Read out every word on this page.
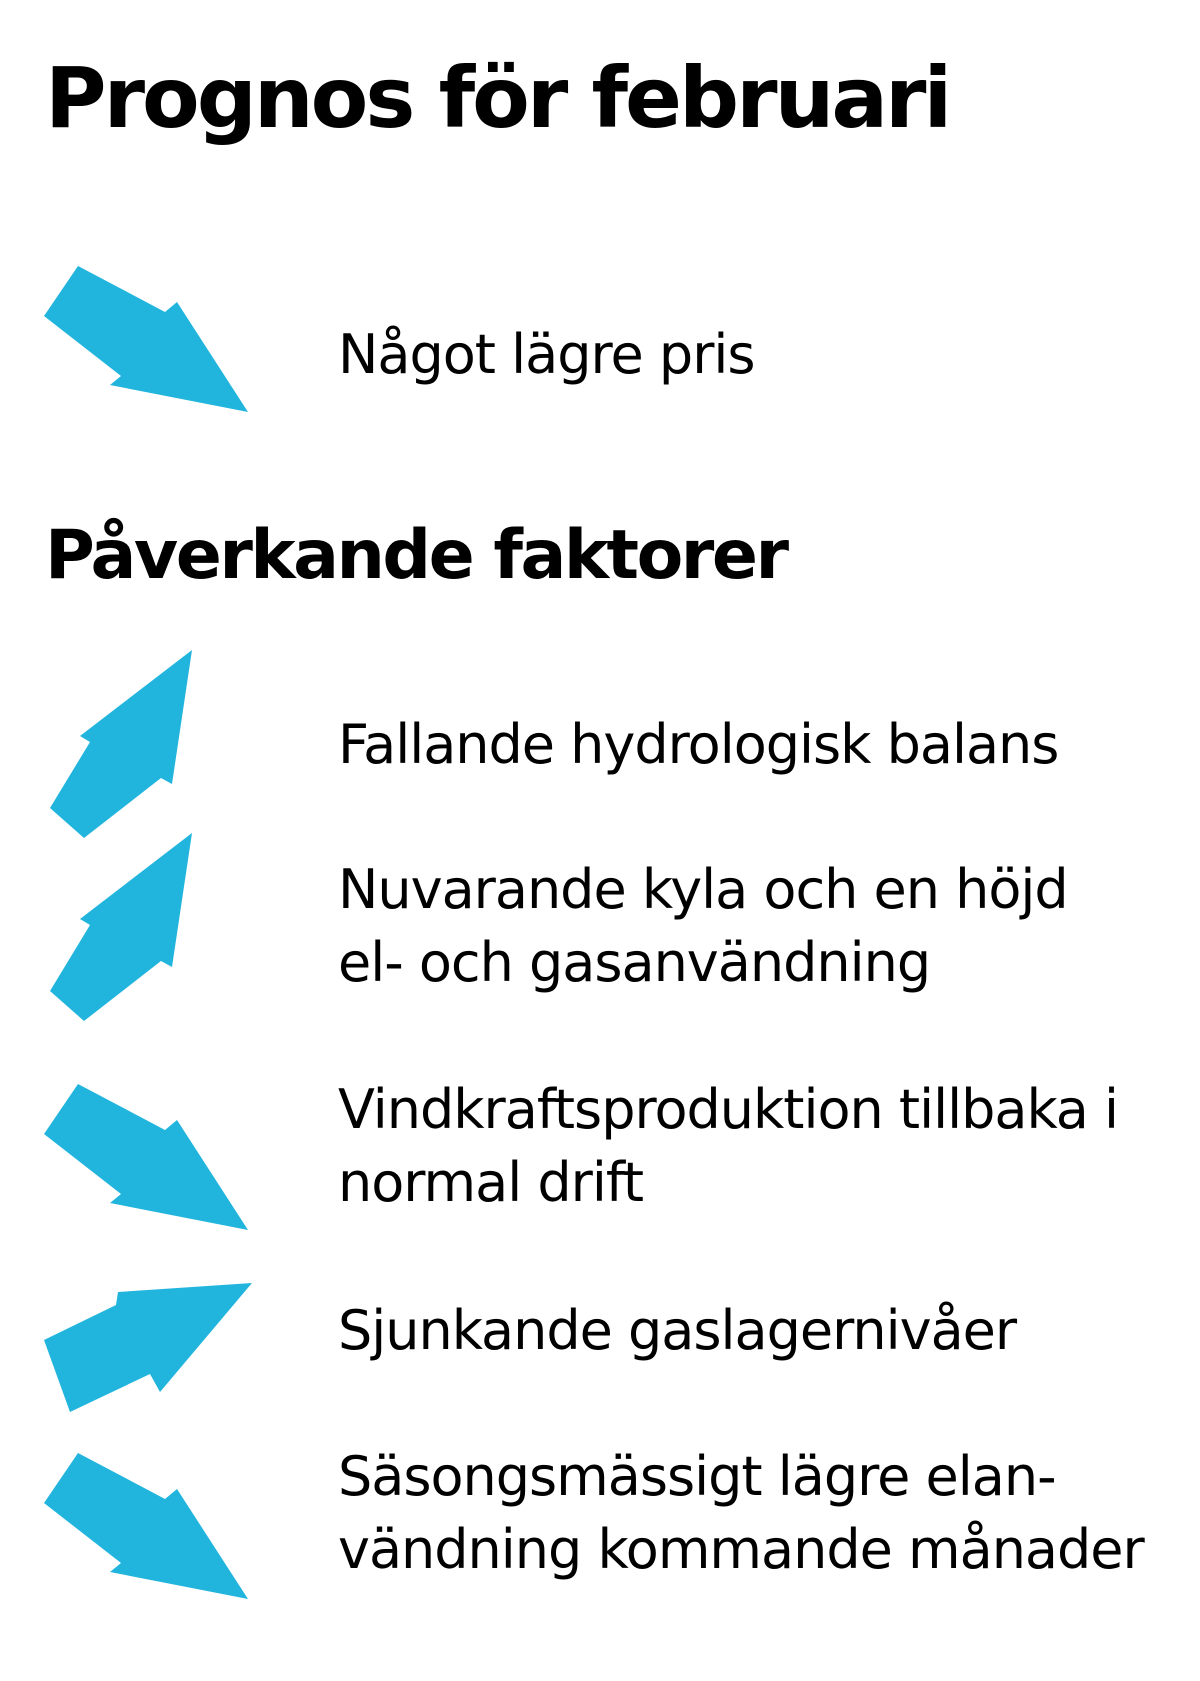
Prognos för februari

Något lägre pris

Påverkande faktorer

Fallande hydrologisk balans

Nuvarande kyla och en höjd
el- och gasanvändning

Vindkraftsproduktion tillbaka i
normal drift

Sjunkande gaslagernivåer

Säsongsmässigt lägre elan-
vändning kommande månader
